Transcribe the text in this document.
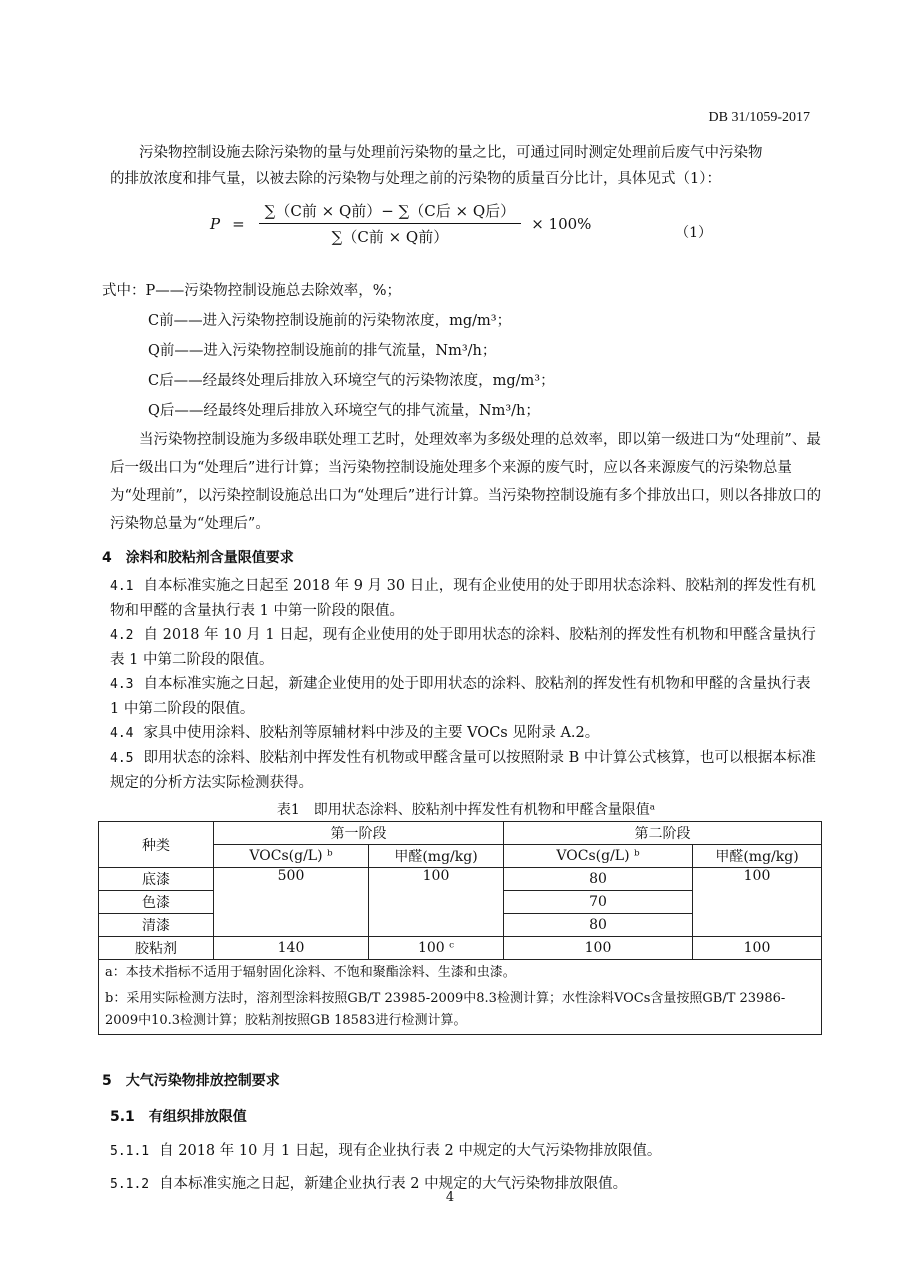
DB 31/1059-2017

污染物控制设施去除污染物的量与处理前污染物的量之比，可通过同时测定处理前后废气中污染物

的排放浓度和排气量，以被去除的污染物与处理之前的污染物的质量百分比计，具体见式（1）：

$P = \frac{\text{∑（C前 × Q前）− ∑（C后 × Q后）}}{\text{∑（C前 × Q前）}} \times 100\%$
（1）

式中：P——污染物控制设施总去除效率，%；

C前——进入污染物控制设施前的污染物浓度，mg/m³；

Q前——进入污染物控制设施前的排气流量，Nm³/h；

C后——经最终处理后排放入环境空气的污染物浓度，mg/m³；

Q后——经最终处理后排放入环境空气的排气流量，Nm³/h；

当污染物控制设施为多级串联处理工艺时，处理效率为多级处理的总效率，即以第一级进口为“处理前”、最后一级出口为“处理后”进行计算；当污染物控制设施处理多个来源的废气时，应以各来源废气的污染物总量为“处理前”，以污染控制设施总出口为“处理后”进行计算。当污染物控制设施有多个排放出口，则以各排放口的污染物总量为“处理后”。

4　涂料和胶粘剂含量限值要求

4.1 自本标准实施之日起至 2018 年 9 月 30 日止，现有企业使用的处于即用状态涂料、胶粘剂的挥发性有机物和甲醛的含量执行表 1 中第一阶段的限值。

4.2 自 2018 年 10 月 1 日起，现有企业使用的处于即用状态的涂料、胶粘剂的挥发性有机物和甲醛含量执行表 1 中第二阶段的限值。

4.3 自本标准实施之日起，新建企业使用的处于即用状态的涂料、胶粘剂的挥发性有机物和甲醛的含量执行表 1 中第二阶段的限值。

4.4 家具中使用涂料、胶粘剂等原辅材料中涉及的主要 VOCs 见附录 A.2。

4.5 即用状态的涂料、胶粘剂中挥发性有机物或甲醛含量可以按照附录 B 中计算公式核算，也可以根据本标准规定的分析方法实际检测获得。

表1　即用状态涂料、胶粘剂中挥发性有机物和甲醛含量限值ᵃ
种类	第一阶段		第二阶段	
	VOCs(g/L) ᵇ	甲醛(mg/kg)	VOCs(g/L) ᵇ	甲醛(mg/kg)
底漆	500	100	80	100
色漆			70	
清漆			80	
胶粘剂	140	100 ᶜ	100	100

a：本技术指标不适用于辐射固化涂料、不饱和聚酯涂料、生漆和虫漆。
b：采用实际检测方法时，溶剂型涂料按照GB/T 23985-2009中8.3检测计算；水性涂料VOCs含量按照GB/T 23986-2009中10.3检测计算；胶粘剂按照GB 18583进行检测计算。				
5　大气污染物排放控制要求
5.1　有组织排放限值

5.1.1 自 2018 年 10 月 1 日起，现有企业执行表 2 中规定的大气污染物排放限值。

5.1.2 自本标准实施之日起，新建企业执行表 2 中规定的大气污染物排放限值。

4
